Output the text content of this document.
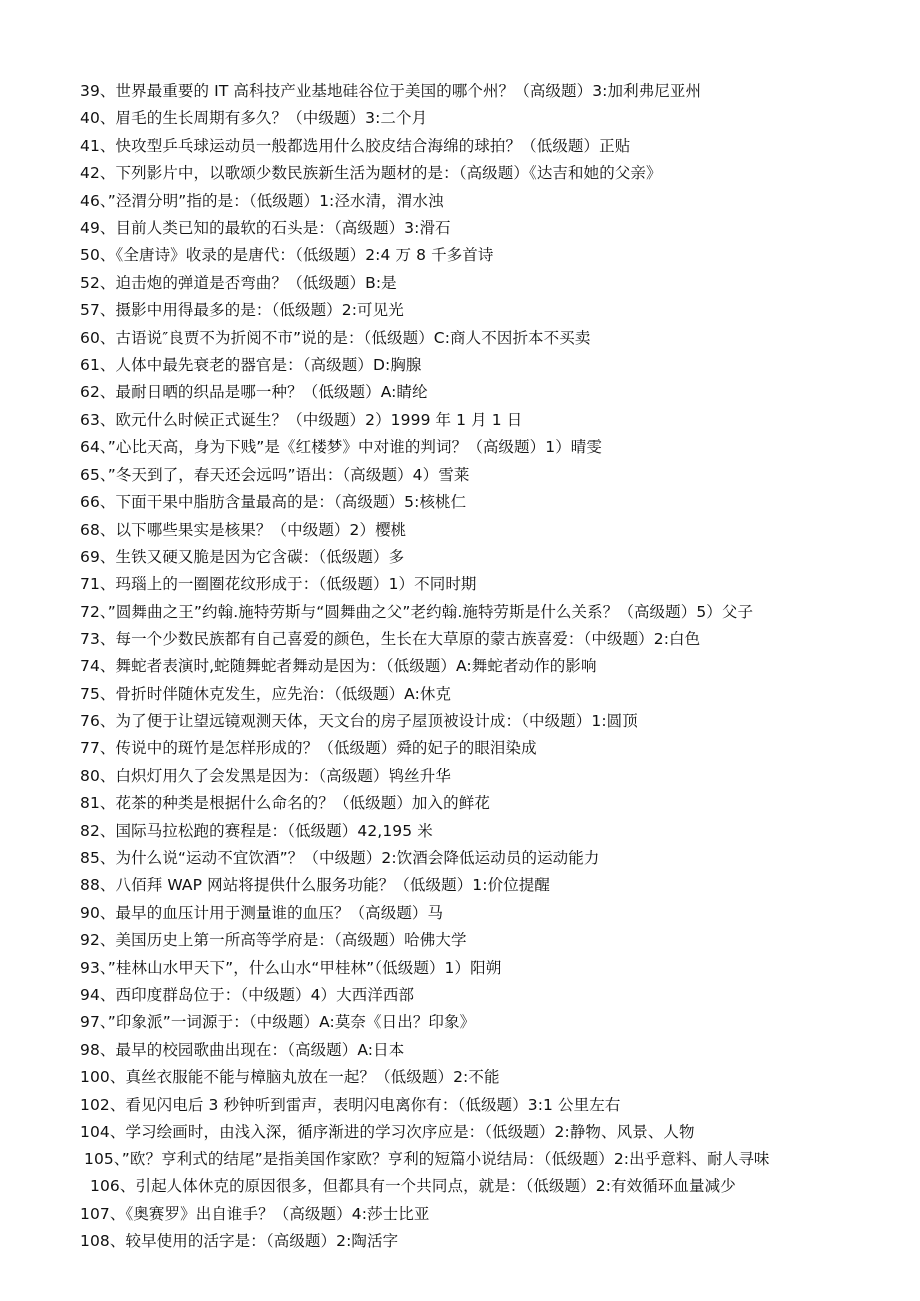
39、世界最重要的 IT 高科技产业基地硅谷位于美国的哪个州？（高级题）3:加利弗尼亚州
40、眉毛的生长周期有多久？（中级题）3:二个月
41、快攻型乒乓球运动员一般都选用什么胶皮结合海绵的球拍？（低级题）正贴
42、下列影片中，以歌颂少数民族新生活为题材的是：（高级题）《达吉和她的父亲》
46、”泾渭分明”指的是：（低级题）1:泾水清，渭水浊
49、目前人类已知的最软的石头是：（高级题）3:滑石
50、《全唐诗》收录的是唐代：（低级题）2:4 万 8 千多首诗
52、迫击炮的弹道是否弯曲？（低级题）B:是
57、摄影中用得最多的是：（低级题）2:可见光
60、古语说″良贾不为折阅不市”说的是：（低级题）C:商人不因折本不买卖
61、人体中最先衰老的器官是：（高级题）D:胸腺
62、最耐日晒的织品是哪一种？（低级题）A:睛纶
63、欧元什么时候正式诞生？（中级题）2）1999 年 1 月 1 日
64、”心比天高，身为下贱”是《红楼梦》中对谁的判词？（高级题）1）晴雯
65、”冬天到了，春天还会远吗”语出：（高级题）4）雪莱
66、下面干果中脂肪含量最高的是：（高级题）5:核桃仁
68、以下哪些果实是核果？（中级题）2）樱桃
69、生铁又硬又脆是因为它含碳：（低级题）多
71、玛瑙上的一圈圈花纹形成于：（低级题）1）不同时期
72、”圆舞曲之王”约翰.施特劳斯与“圆舞曲之父”老约翰.施特劳斯是什么关系？（高级题）5）父子
73、每一个少数民族都有自己喜爱的颜色，生长在大草原的蒙古族喜爱：（中级题）2:白色
74、舞蛇者表演时,蛇随舞蛇者舞动是因为：（低级题）A:舞蛇者动作的影响
75、骨折时伴随休克发生，应先治：（低级题）A:休克
76、为了便于让望远镜观测天体，天文台的房子屋顶被设计成：（中级题）1:圆顶
77、传说中的斑竹是怎样形成的？（低级题）舜的妃子的眼泪染成
80、白炽灯用久了会发黑是因为：（高级题）鸨丝升华
81、花茶的种类是根据什么命名的？（低级题）加入的鲜花
82、国际马拉松跑的赛程是：（低级题）42,195 米
85、为什么说“运动不宜饮酒”？（中级题）2:饮酒会降低运动员的运动能力
88、八佰拜 WAP 网站将提供什么服务功能？（低级题）1:价位提醒
90、最早的血压计用于测量谁的血压？（高级题）马
92、美国历史上第一所高等学府是：（高级题）哈佛大学
93、”桂林山水甲天下”，什么山水“甲桂林”（低级题）1）阳朔
94、西印度群岛位于：（中级题）4）大西洋西部
97、”印象派”一词源于：（中级题）A:莫奈《日出？印象》
98、最早的校园歌曲出现在：（高级题）A:日本
100、真丝衣服能不能与樟脑丸放在一起？（低级题）2:不能
102、看见闪电后 3 秒钟听到雷声，表明闪电离你有：（低级题）3:1 公里左右
104、学习绘画时，由浅入深，循序渐进的学习次序应是：（低级题）2:静物、风景、人物
105、”欧？亨利式的结尾”是指美国作家欧？亨利的短篇小说结局：（低级题）2:出乎意料、耐人寻味
106、引起人体休克的原因很多，但都具有一个共同点，就是：（低级题）2:有效循环血量减少
107、《奥赛罗》出自谁手？（高级题）4:莎士比亚
108、较早使用的活字是：（高级题）2:陶活字
